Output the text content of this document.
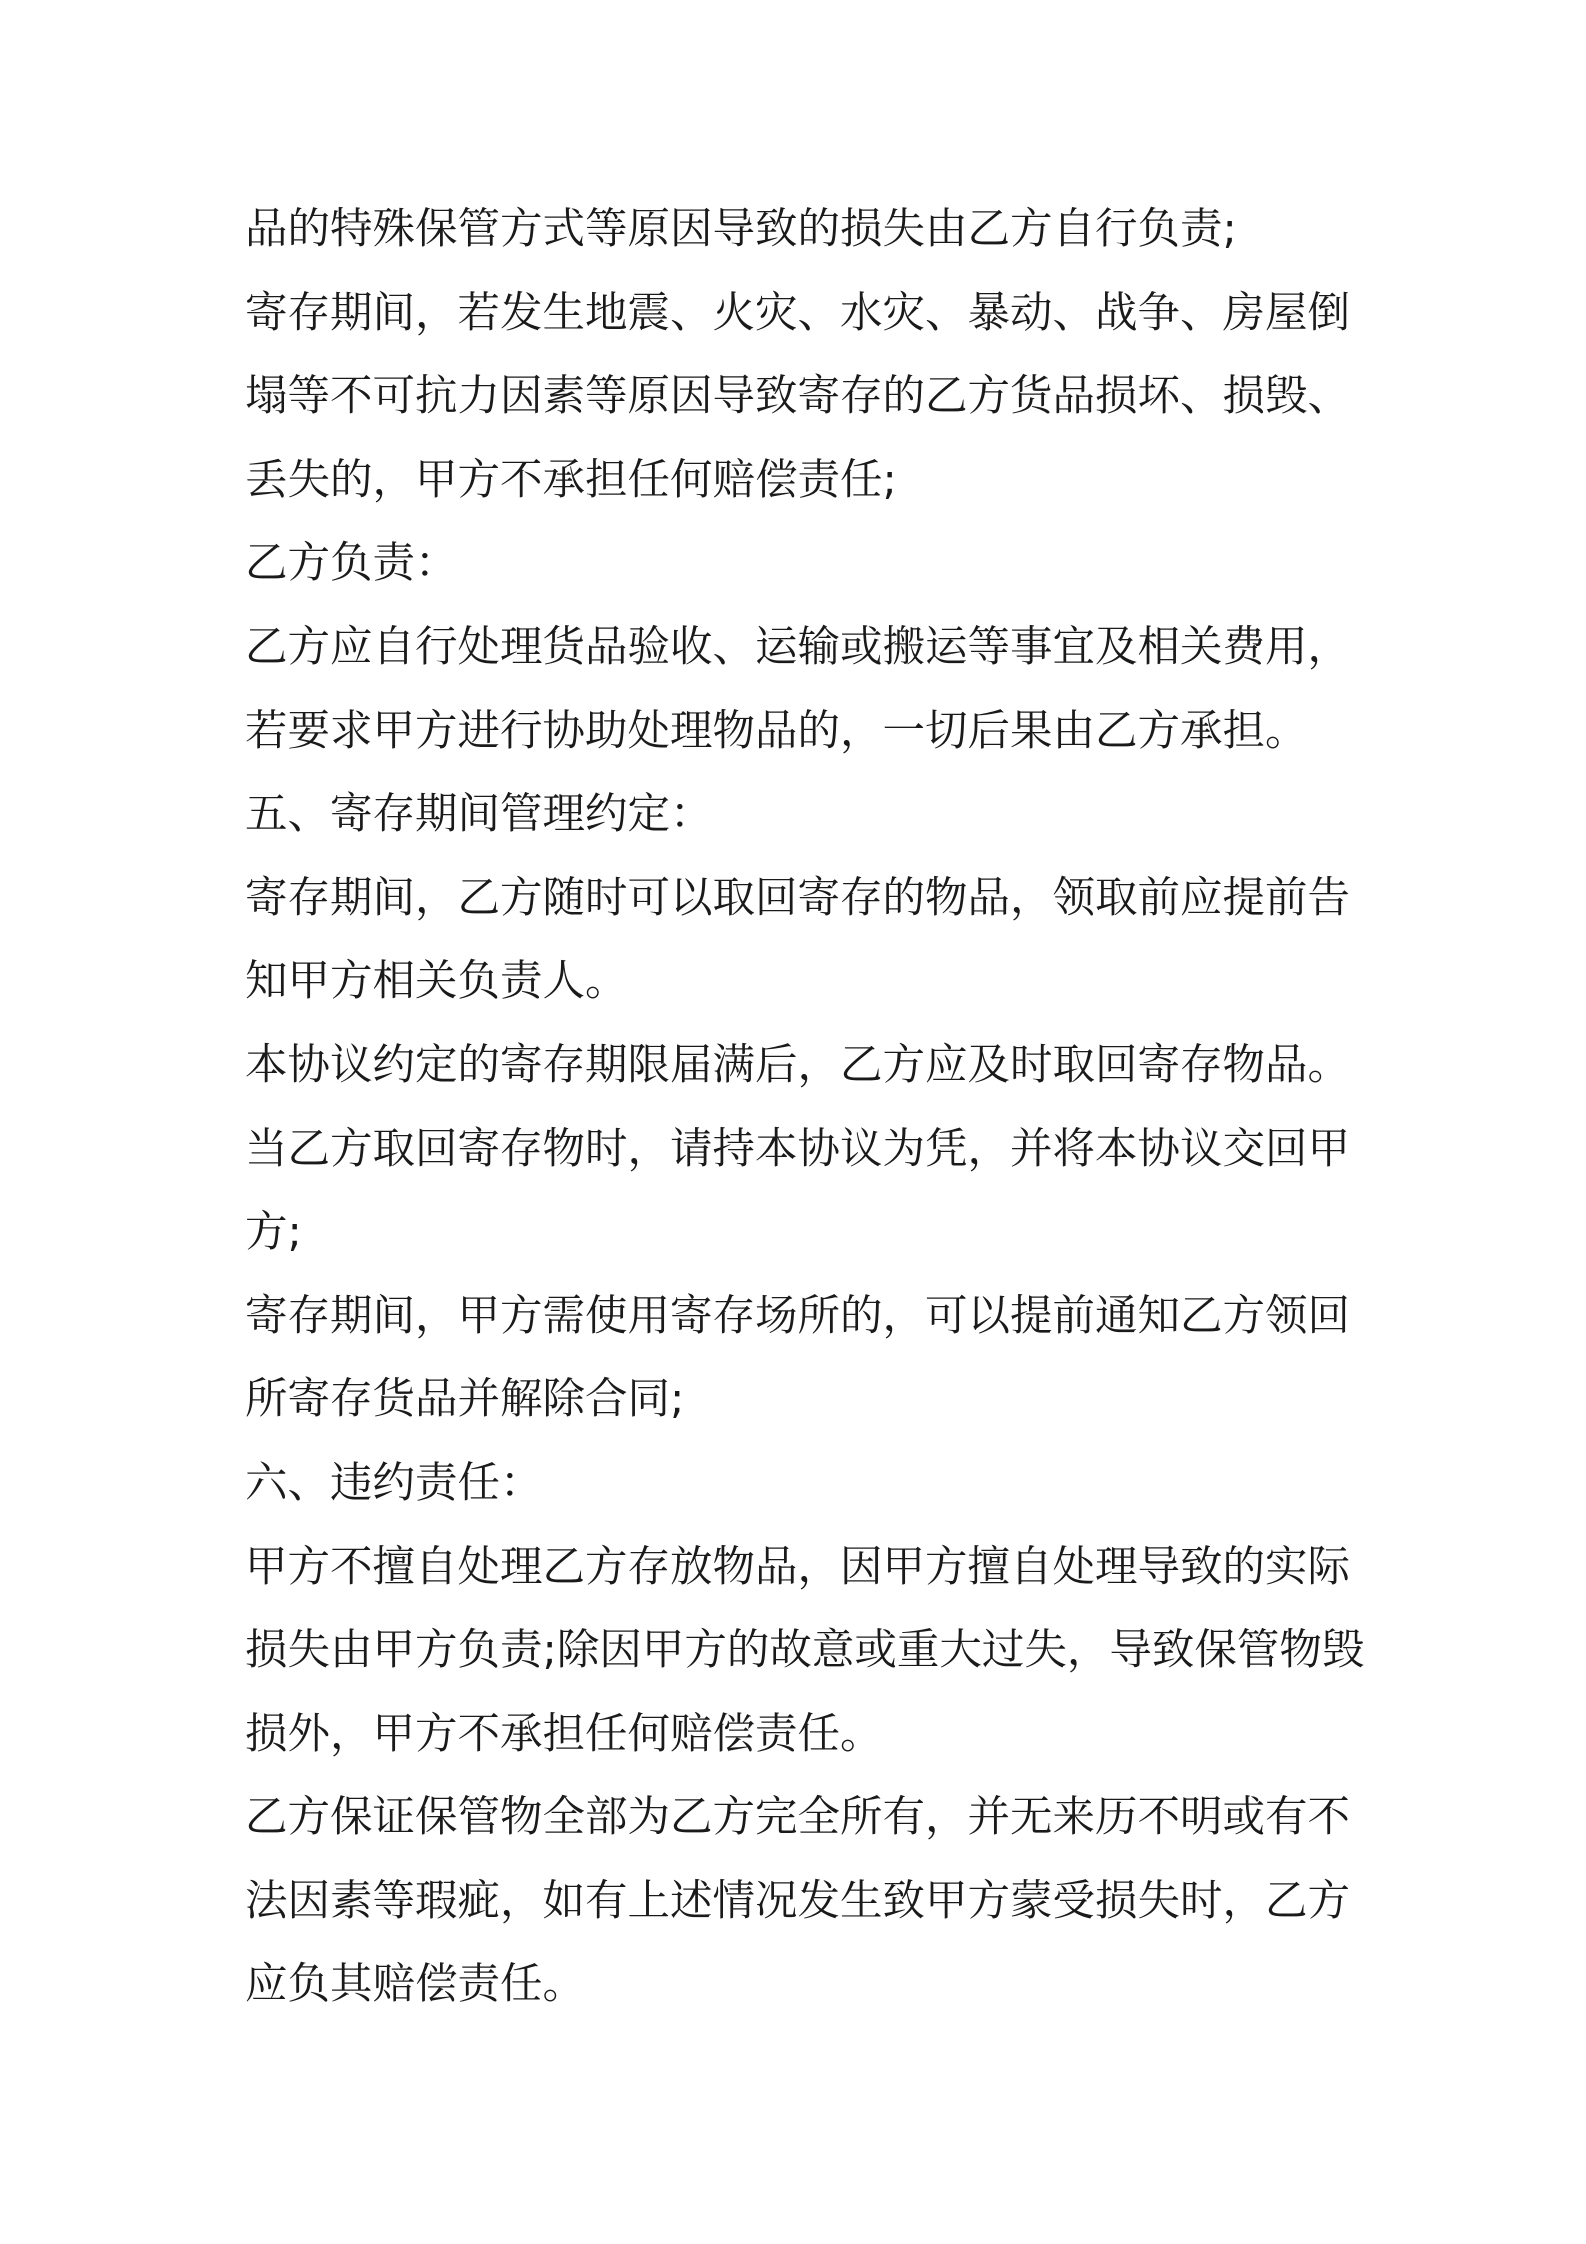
品的特殊保管方式等原因导致的损失由乙方自行负责;
寄存期间，若发生地震、火灾、水灾、暴动、战争、房屋倒
塌等不可抗力因素等原因导致寄存的乙方货品损坏、损毁、
丢失的，甲方不承担任何赔偿责任;
乙方负责：
乙方应自行处理货品验收、运输或搬运等事宜及相关费用，
若要求甲方进行协助处理物品的，一切后果由乙方承担。
五、寄存期间管理约定：
寄存期间，乙方随时可以取回寄存的物品，领取前应提前告
知甲方相关负责人。
本协议约定的寄存期限届满后，乙方应及时取回寄存物品。
当乙方取回寄存物时，请持本协议为凭，并将本协议交回甲
方;
寄存期间，甲方需使用寄存场所的，可以提前通知乙方领回
所寄存货品并解除合同;
六、违约责任：
甲方不擅自处理乙方存放物品，因甲方擅自处理导致的实际
损失由甲方负责;除因甲方的故意或重大过失，导致保管物毁
损外，甲方不承担任何赔偿责任。
乙方保证保管物全部为乙方完全所有，并无来历不明或有不
法因素等瑕疵，如有上述情况发生致甲方蒙受损失时，乙方
应负其赔偿责任。
